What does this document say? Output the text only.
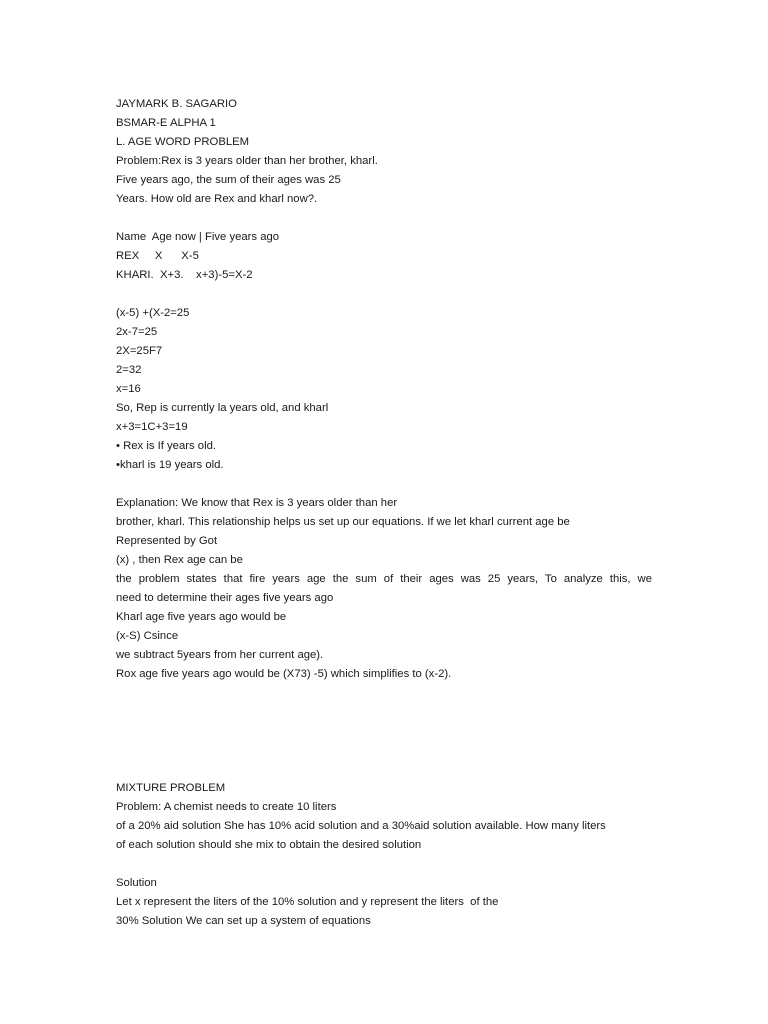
JAYMARK B. SAGARIO
BSMAR-E ALPHA 1
L. AGE WORD PROBLEM
Problem:Rex is 3 years older than her brother, kharl.
Five years ago, the sum of their ages was 25
Years. How old are Rex and kharl now?.
Name  Age now | Five years ago
REX     X      X-5
KHARI.  X+3.    x+3)-5=X-2
(x-5) +(X-2=25
2x-7=25
2X=25F7
2=32
x=16
So, Rep is currently la years old, and kharl
x+3=1C+3=19
• Rex is If years old.
•kharl is 19 years old.
Explanation: We know that Rex is 3 years older than her
brother, kharl. This relationship helps us set up our equations. If we let kharl current age be
Represented by Got
(x) , then Rex age can be
the problem states that fire years age the sum of their ages was 25 years, To analyze this, we
need to determine their ages five years ago
Kharl age five years ago would be
(x-S) Csince
we subtract 5years from her current age).
Rox age five years ago would be (X73) -5) which simplifies to (x-2).
MIXTURE PROBLEM
Problem: A chemist needs to create 10 liters
of a 20% aid solution She has 10% acid solution and a 30%aid solution available. How many liters
of each solution should she mix to obtain the desired solution
Solution
Let x represent the liters of the 10% solution and y represent the liters  of the
30% Solution We can set up a system of equations
